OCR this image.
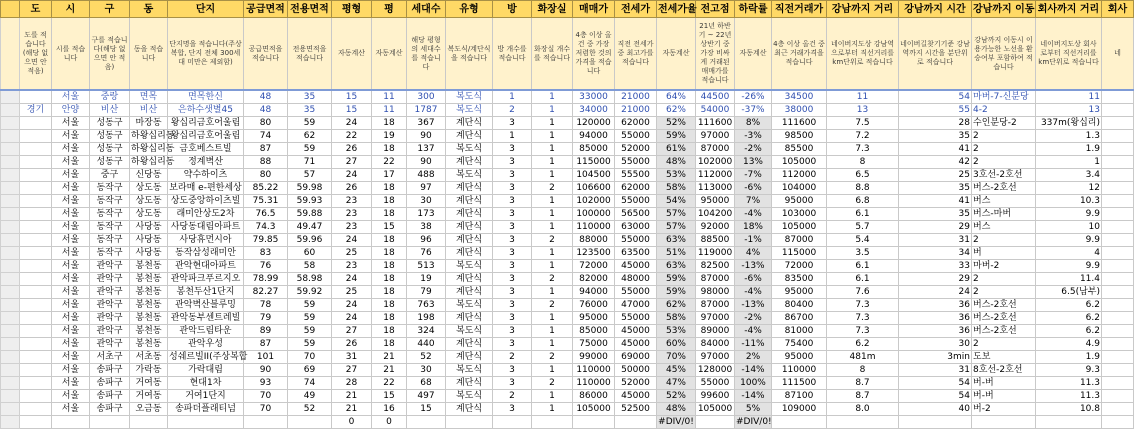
	도	시	구	동	단지	공급면적	전용면적	평형	평	세대수	유형	방	화장실	매매가	전세가	전세가율	전고점	하락률	직전거래가	강남까지 거리	강남까지 시간	강남까지 이동	회사까지 거리	회사
	도를 적습니다(해당 없으면 안 적음)	시를 적습니다	구를 적습니다(해당 없으면 안 적음)	동을 적습니다	단지명을 적습니다(주상복합, 단지 전체 300세대 미만은 제외함)	공급면적을 적습니다	전용면적을 적습니다	자동계산	자동계산	해당 평형의 세대수를 적습니다	복도식/계단식을 적습니다	방 개수를 적습니다	화장실 개수를 적습니다	4층 이상 올건 중 가장 저렴한 것의 가격을 적습니다	직전 전세가 중 최고가를 적습니다	자동계산	21년 하반기 ~ 22년 상반기 중 가장 비싸게 거래된 매매가를 적습니다	자동계산	4층 이상 올건 중 최근 거래가격을 적습니다	네이버지도상 강남역으로부터 직선거리를 km단위로 적습니다	네이버길찾기기준 강남역까지 시간을 분단위로 적습니다	강남까지 이동시 이용가능한 노선을 환승여부 포함하여 적습니다	네이버지도상 회사로부터 직선거리를 km단위로 적습니다	네
		서울	중랑	면목	면목한신	48	35	15	11	300	복도식	1	1	33000	21000	64%	44500	-26%	34500	11	54	마버-7-신분당	11	
	경기	안양	비산	비산	은하수샛별45	48	35	15	11	1787	복도식	2	1	34000	21000	62%	54000	-37%	38000	13	55	4-2	13	
		서울	성동구	마장동	왕십리금호어울림	80	59	24	18	367	계단식	3	1	120000	62000	52%	111600	8%	111600	7.5	28	수인분당-2	337m(왕십리)	
		서울	성동구	하왕십리동	왕십리금호어울림	74	62	22	19	90	계단식	1	1	94000	55000	59%	97000	-3%	98500	7.2	35	2	1.3	
		서울	성동구	하왕십리동	금호베스트빌	87	59	26	18	137	복도식	3	1	85000	52000	61%	87000	-2%	85500	7.3	41	2	1.9	
		서울	성동구	하왕십리동	정계벽산	88	71	27	22	90	계단식	3	1	115000	55000	48%	102000	13%	105000	8	42	2	1	
		서울	중구	신당동	약수하이츠	80	57	24	17	488	복도식	3	1	104500	55500	53%	112000	-7%	112000	6.5	25	3호선-2호선	3.4	
		서울	동작구	상도동	보라매 e-편한세상	85.22	59.98	26	18	97	계단식	3	2	106600	62000	58%	113000	-6%	104000	8.8	35	버스-2호선	12	
		서울	동작구	상도동	상도중앙하이츠빌	75.31	59.93	23	18	30	계단식	3	1	102000	55000	54%	95000	7%	95000	6.8	41	버스	10.3	
		서울	동작구	상도동	래미안상도2차	76.5	59.88	23	18	173	계단식	3	1	100000	56500	57%	104200	-4%	103000	6.1	35	버스-마버	9.9	
		서울	동작구	사당동	사당동대림아파트	74.3	49.47	23	15	38	계단식	3	1	110000	63000	57%	92000	18%	105000	5.7	29	버스	10	
		서울	동작구	사당동	사당휴먼시아	79.85	59.96	24	18	96	계단식	3	2	88000	55000	63%	88500	-1%	87000	5.4	31	2	9.9	
		서울	동작구	사당동	동작삼성래미안	83	60	25	18	76	계단식	3	1	123500	63500	51%	119000	4%	115000	3.5	34	버	4	
		서울	관악구	봉천동	관악현대아파트	76	58	23	18	513	복도식	3	1	72000	45000	63%	82500	-13%	72000	6.1	33	마버-2	9.9	
		서울	관악구	봉천동	관악파크푸르지오	78.99	58.98	24	18	19	계단식	3	2	82000	48000	59%	87000	-6%	83500	6.1	29	2	11.4	
		서울	관악구	봉천동	봉천두산1단지	82.27	59.92	25	18	79	계단식	3	1	94000	55000	59%	98000	-4%	95000	7.6	24	2	6.5(남부)	
		서울	관악구	봉천동	관악벽산블루밍	78	59	24	18	763	복도식	3	2	76000	47000	62%	87000	-13%	80400	7.3	36	버스-2호선	6.2	
		서울	관악구	봉천동	관악동부센트레빌	79	59	24	18	198	계단식	3	1	95000	55000	58%	97000	-2%	86700	7.3	36	버스-2호선	6.2	
		서울	관악구	봉천동	관악드림타운	89	59	27	18	324	복도식	3	1	85000	45000	53%	89000	-4%	81000	7.3	36	버스-2호선	6.2	
		서울	관악구	봉천동	관악우성	87	59	26	18	440	계단식	3	1	75000	45000	60%	84000	-11%	75400	6.2	30	2	4.9	
		서울	서초구	서초동	성쉐르빌II(주상복합	101	70	31	21	52	계단식	2	2	99000	69000	70%	97000	2%	95000	481m	3min	도보	1.9	
		서울	송파구	가락동	가락대림	90	69	27	21	30	복도식	3	1	110000	50000	45%	128000	-14%	110000	8	31	8호선-2호선	9.3	
		서울	송파구	거여동	현대1차	93	74	28	22	68	계단식	3	2	110000	52000	47%	55000	100%	111500	8.7	54	버-버	11.3	
		서울	송파구	거여동	거여1단지	70	49	21	15	497	복도식	2	1	86000	45000	52%	99600	-14%	87100	8.7	54	버-버	11.3	
		서울	송파구	오금동	송파더플래티넘	70	52	21	16	15	계단식	3	1	105000	52500	48%	105000	5%	109000	8.0	40	버-2	10.8	
								0	0							#DIV/0!		#DIV/0!						
